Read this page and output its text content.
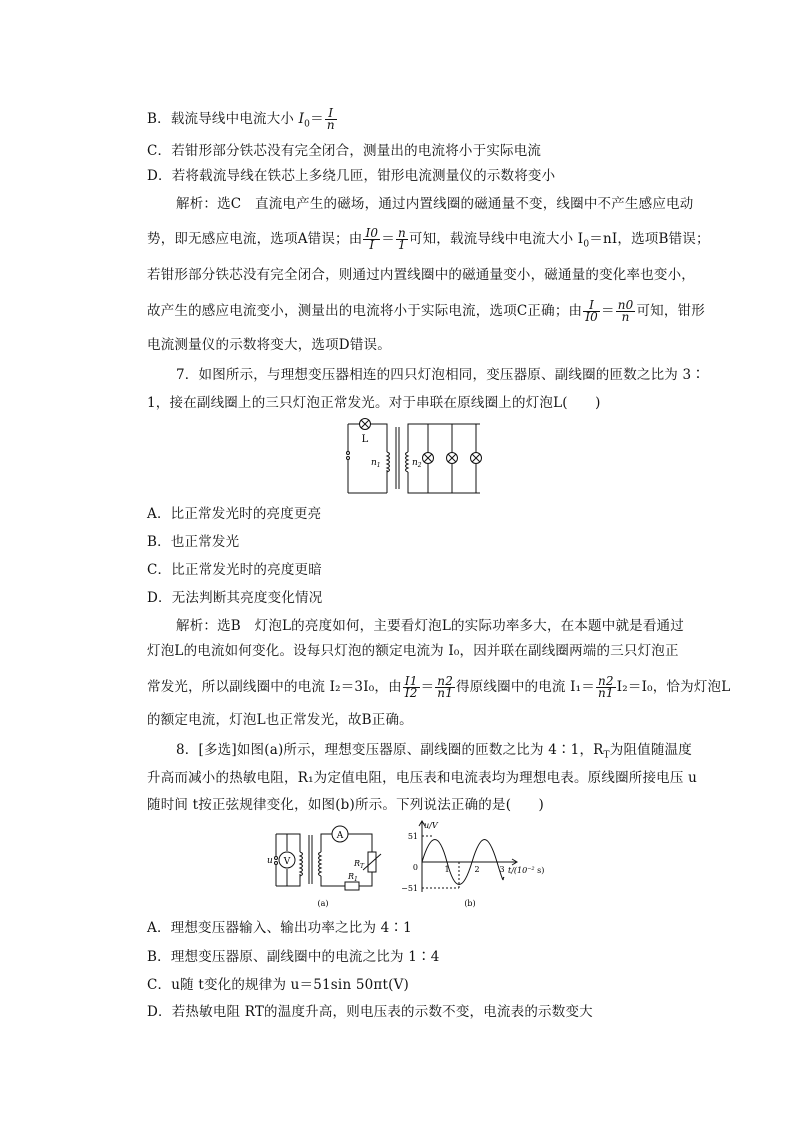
B．载流导线中电流大小 $I_0= \frac{I}{n}$
C．若钳形部分铁芯没有完全闭合，测量出的电流将小于实际电流
D．若将载流导线在铁芯上多绕几匝，钳形电流测量仪的示数将变小
解析：选C　直流电产生的磁场，通过内置线圈的磁通量不变，线圈中不产生感应电动
势，即无感应电流，选项A错误；由 $\frac{I0}{I} = \frac{n}{1}$ 可知，载流导线中电流大小 $I_0=nI$，选项B错误；
若钳形部分铁芯没有完全闭合，则通过内置线圈中的磁通量变小，磁通量的变化率也变小，
故产生的感应电流变小，测量出的电流将小于实际电流，选项C正确；由 $\frac{I}{I0} = \frac{n0}{n}$ 可知，钳形
电流测量仪的示数将变大，选项D错误。
7．如图所示，与理想变压器相连的四只灯泡相同，变压器原、副线圈的匝数之比为 3∶
1，接在副线圈上的三只灯泡正常发光。对于串联在原线圈上的灯泡L(　　)
L
$n_1$	$n_2$
A．比正常发光时的亮度更亮
B．也正常发光
C．比正常发光时的亮度更暗
D．无法判断其亮度变化情况
解析：选B　灯泡L的亮度如何，主要看灯泡L的实际功率多大，在本题中就是看通过
灯泡L的电流如何变化。设每只灯泡的额定电流为 I₀，因并联在副线圈两端的三只灯泡正
常发光，所以副线圈中的电流 I₂＝3I₀，由 $\frac{I1}{I2} = \frac{n2}{n1}$ 得原线圈中的电流 $I_1= \frac{n2}{n1} I_2=I_0$，恰为灯泡L
的额定电流，灯泡L也正常发光，故B正确。
8．[多选]如图(a)所示，理想变压器原、副线圈的匝数之比为 4∶1，$R_T$为阻值随温度
升高而减小的热敏电阻，R₁为定值电阻，电压表和电流表均为理想电表。原线圈所接电压 u
随时间 t按正弦规律变化，如图(b)所示。下列说法正确的是(　　)
u V
A
$R_T$
$R_1$
(a)
u/V
51
−51
0	1	2 3 $t/(10^{-2}$ s)
(b)
A．理想变压器输入、输出功率之比为 4∶1
B．理想变压器原、副线圈中的电流之比为 1∶4
C．u随 t变化的规律为 u＝51sin 50πt(V)
D．若热敏电阻 RT的温度升高，则电压表的示数不变，电流表的示数变大
